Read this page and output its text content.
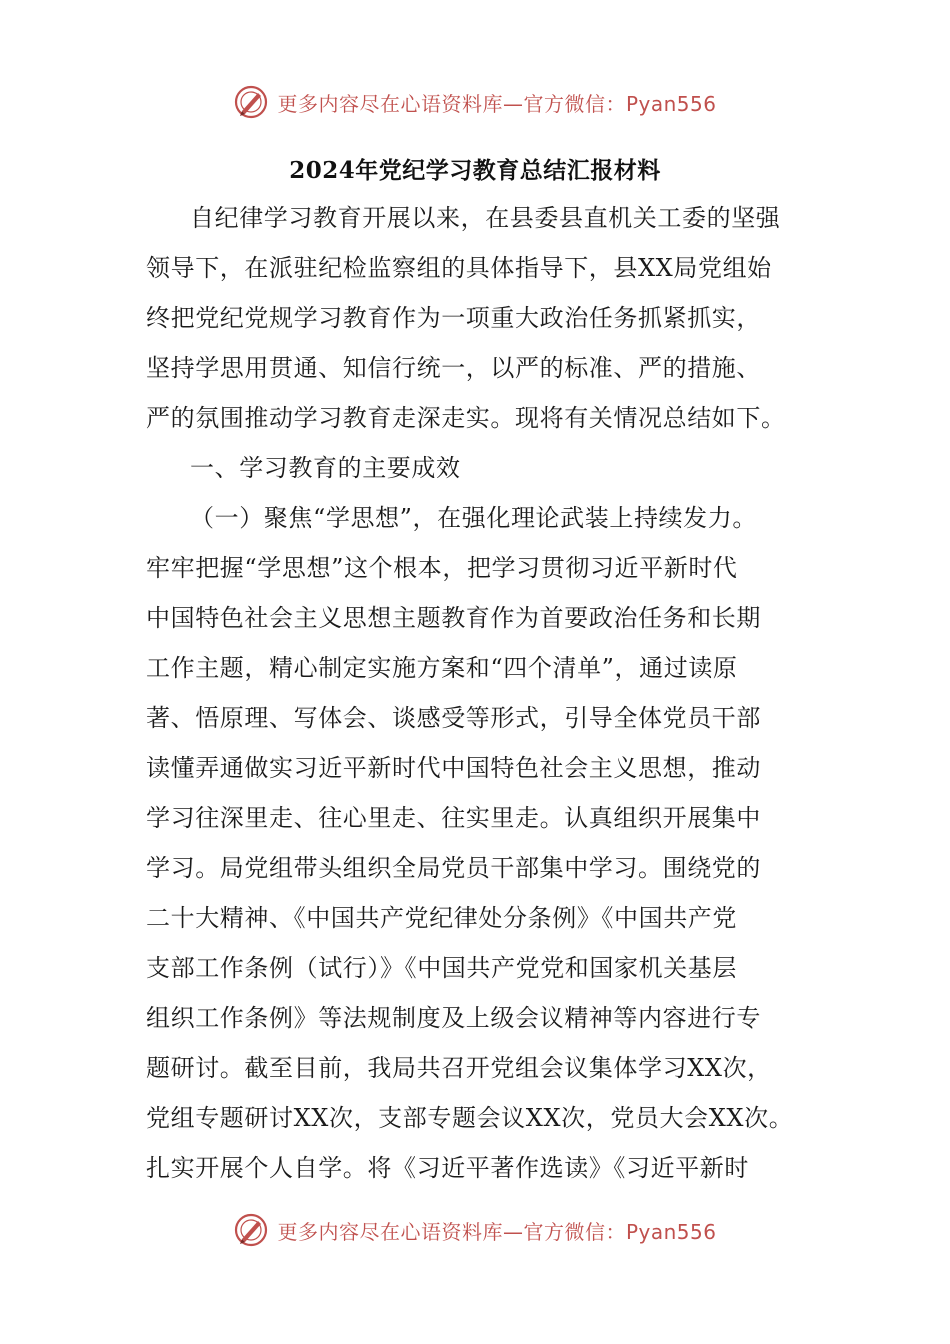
更多内容尽在心语资料库—官方微信：Pyan556
2024年党纪学习教育总结汇报材料
自纪律学习教育开展以来，在县委县直机关工委的坚强
领导下，在派驻纪检监察组的具体指导下，县XX局党组始
终把党纪党规学习教育作为一项重大政治任务抓紧抓实，
坚持学思用贯通、知信行统一，以严的标准、严的措施、
严的氛围推动学习教育走深走实。现将有关情况总结如下。
一、学习教育的主要成效
（一）聚焦“学思想”，在强化理论武装上持续发力。
牢牢把握“学思想”这个根本，把学习贯彻习近平新时代
中国特色社会主义思想主题教育作为首要政治任务和长期
工作主题，精心制定实施方案和“四个清单”，通过读原
著、悟原理、写体会、谈感受等形式，引导全体党员干部
读懂弄通做实习近平新时代中国特色社会主义思想，推动
学习往深里走、往心里走、往实里走。认真组织开展集中
学习。局党组带头组织全局党员干部集中学习。围绕党的
二十大精神、《中国共产党纪律处分条例》《中国共产党
支部工作条例（试行）》《中国共产党党和国家机关基层
组织工作条例》等法规制度及上级会议精神等内容进行专
题研讨。截至目前，我局共召开党组会议集体学习XX次，
党组专题研讨XX次，支部专题会议XX次，党员大会XX次。
扎实开展个人自学。将《习近平著作选读》《习近平新时
更多内容尽在心语资料库—官方微信：Pyan556
